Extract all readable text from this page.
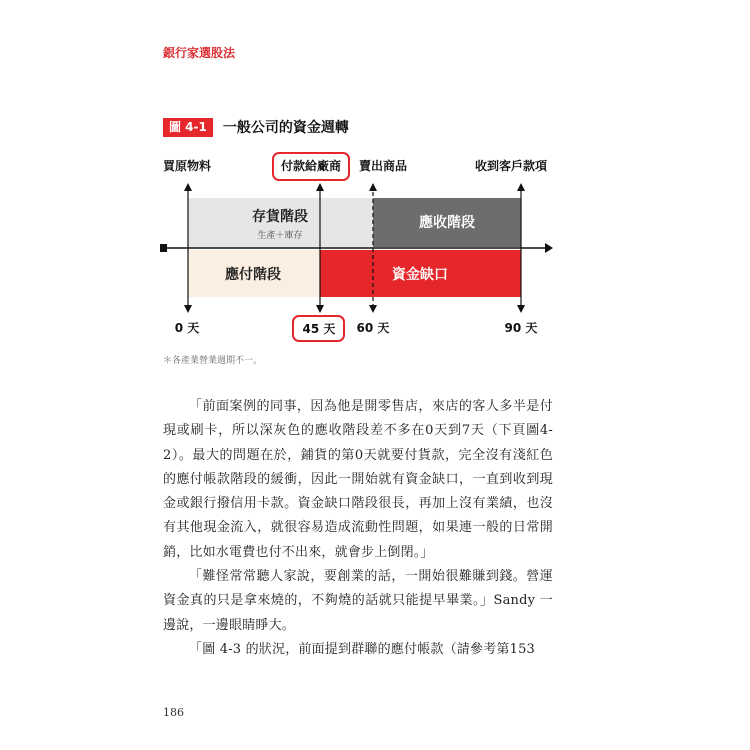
銀行家選股法
圖 4-1	一般公司的資金週轉
買原物料	付款給廠商 賣出商品	收到客戶款項
存貨階段
生產＋庫存
應收階段
應付階段	資金缺口
0 天	45 天 60 天	90 天
＊各產業營業週期不一。

「前面案例的同事，因為他是開零售店，來店的客人多半是付現或刷卡，所以深灰色的應收階段差不多在0天到7天（下頁圖4-2）。最大的問題在於，鋪貨的第0天就要付貨款，完全沒有淺紅色的應付帳款階段的緩衝，因此一開始就有資金缺口，一直到收到現金或銀行撥信用卡款。資金缺口階段很長，再加上沒有業績，也沒有其他現金流入，就很容易造成流動性問題，如果連一般的日常開銷，比如水電費也付不出來，就會步上倒閉。」

「難怪常常聽人家說，要創業的話，一開始很難賺到錢。營運資金真的只是拿來燒的，不夠燒的話就只能提早畢業。」Sandy 一邊說，一邊眼睛睜大。

「圖 4-3 的狀況，前面提到群聯的應付帳款（請參考第153

186
